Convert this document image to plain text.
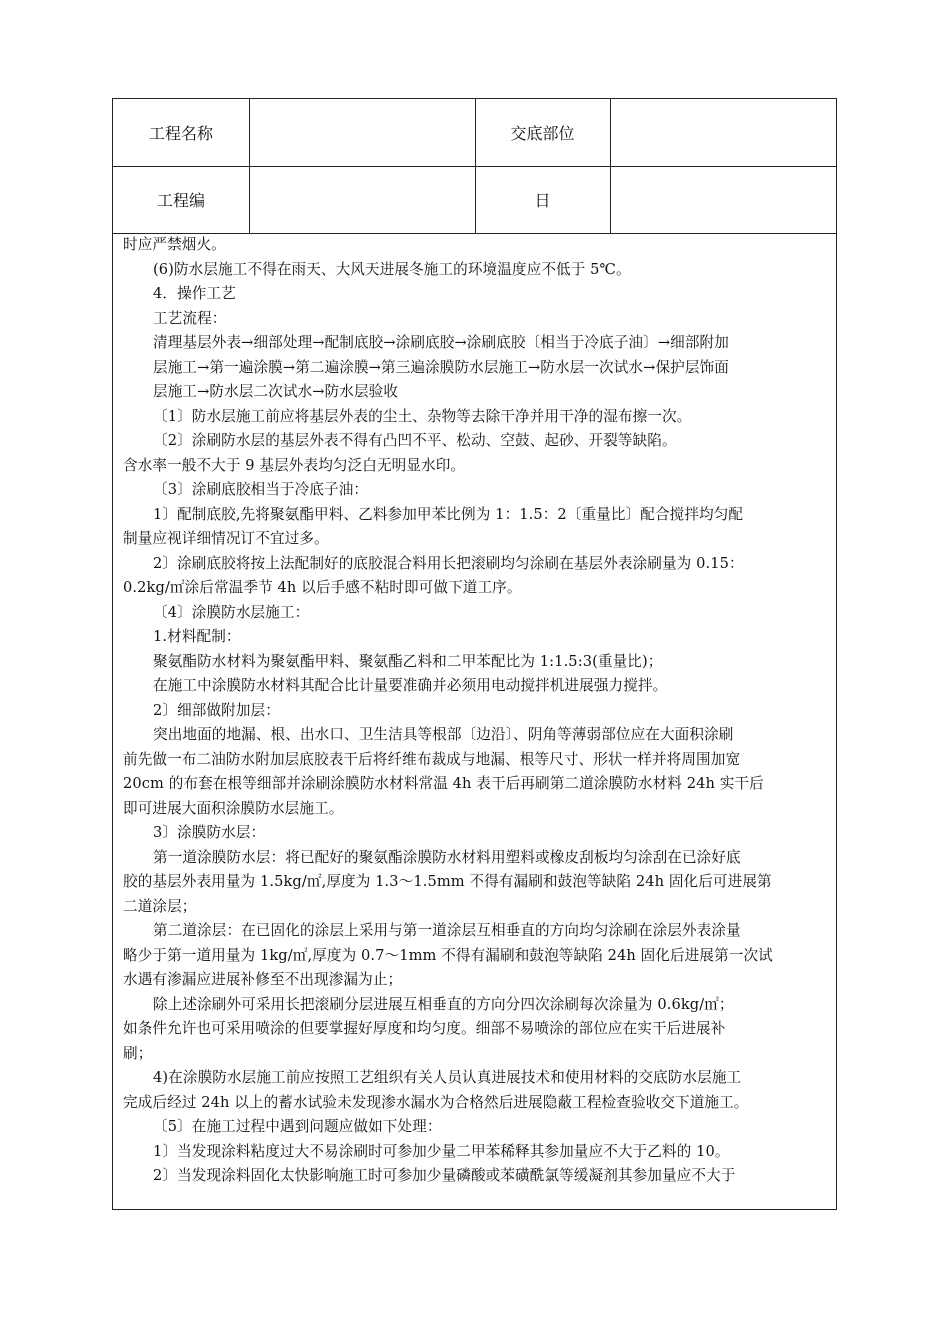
工程名称	交底部位
工程编	日
时应严禁烟火。
(6)防水层施工不得在雨天、大风天进展冬施工的环境温度应不低于 5℃。
4．操作工艺
工艺流程：
清理基层外表→细部处理→配制底胶→涂刷底胶→涂刷底胶〔相当于冷底子油〕→细部附加
层施工→第一遍涂膜→第二遍涂膜→第三遍涂膜防水层施工→防水层一次试水→保护层饰面
层施工→防水层二次试水→防水层验收
〔1〕防水层施工前应将基层外表的尘土、杂物等去除干净并用干净的湿布擦一次。
〔2〕涂刷防水层的基层外表不得有凸凹不平、松动、空鼓、起砂、开裂等缺陷。
含水率一般不大于 9 基层外表均匀泛白无明显水印。
〔3〕涂刷底胶相当于冷底子油：
1〕配制底胶,先将聚氨酯甲料、乙料参加甲苯比例为 1：1.5：2〔重量比〕配合搅拌均匀配
制量应视详细情况订不宜过多。
2〕涂刷底胶将按上法配制好的底胶混合料用长把滚刷均匀涂刷在基层外表涂刷量为 0.15：
0.2kg/㎡涂后常温季节 4h 以后手感不粘时即可做下道工序。
〔4〕涂膜防水层施工：
1.材料配制：
聚氨酯防水材料为聚氨酯甲料、聚氨酯乙料和二甲苯配比为 1:1.5:3(重量比)；
在施工中涂膜防水材料其配合比计量要准确并必须用电动搅拌机进展强力搅拌。
2〕细部做附加层：
突出地面的地漏、根、出水口、卫生洁具等根部〔边沿〕、阴角等薄弱部位应在大面积涂刷
前先做一布二油防水附加层底胶表干后将纤维布裁成与地漏、根等尺寸、形状一样并将周围加宽
20cm 的布套在根等细部并涂刷涂膜防水材料常温 4h 表干后再刷第二道涂膜防水材料 24h 实干后
即可进展大面积涂膜防水层施工。
3〕涂膜防水层：
第一道涂膜防水层：将已配好的聚氨酯涂膜防水材料用塑料或橡皮刮板均匀涂刮在已涂好底
胶的基层外表用量为 1.5kg/㎡,厚度为 1.3～1.5mm 不得有漏刷和鼓泡等缺陷 24h 固化后可进展第
二道涂层；
第二道涂层：在已固化的涂层上采用与第一道涂层互相垂直的方向均匀涂刷在涂层外表涂量
略少于第一道用量为 1kg/㎡,厚度为 0.7～1mm 不得有漏刷和鼓泡等缺陷 24h 固化后进展第一次试
水遇有渗漏应进展补修至不出现渗漏为止；
除上述涂刷外可采用长把滚刷分层进展互相垂直的方向分四次涂刷每次涂量为 0.6kg/㎡；
如条件允许也可采用喷涂的但要掌握好厚度和均匀度。细部不易喷涂的部位应在实干后进展补
刷；
4)在涂膜防水层施工前应按照工艺组织有关人员认真进展技术和使用材料的交底防水层施工
完成后经过 24h 以上的蓄水试验未发现渗水漏水为合格然后进展隐蔽工程检查验收交下道施工。
〔5〕在施工过程中遇到问题应做如下处理：
1〕当发现涂料粘度过大不易涂刷时可参加少量二甲苯稀释其参加量应不大于乙料的 10。
2〕当发现涂料固化太快影响施工时可参加少量磷酸或苯磺酰氯等缓凝剂其参加量应不大于
